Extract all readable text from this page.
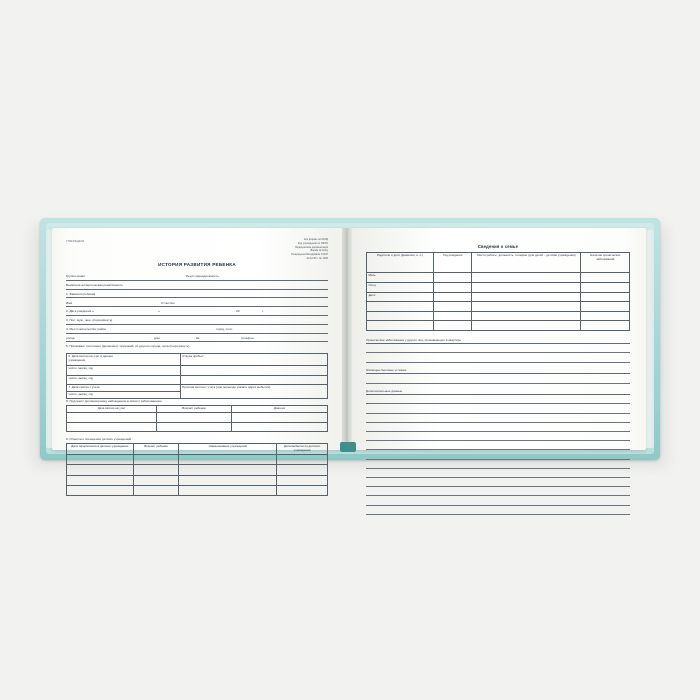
УТВЕРЖДЕНА
Код формы по ОКУД
Код учреждения по ОКПО
Медицинская документация
Форма № 112/у
Утверждена Минздравом СССР
04.10.80 г. № 1030
ИСТОРИЯ РАЗВИТИЯ РЕБЕНКА
Группа крови	Резус-принадлежность
Выявлена аллергическая реактивность
1. Фамилия ребенка
Имя	Отчество
2. Дата рождения «	»	20	г.
3. Пол: муж., жен. (подчеркнуть)
4. Место жительства: район	город, село
улица	дом	кв.	телефон
5. Проживает постоянно (временно): приезжий, из другого города, села (подчеркнуть)
6. Дата взятия на учет в данное
учреждение	Откуда прибыл
число, месяц, год	
число, месяц, год	
7. Дата снятия с учета	Причина снятия с учета (при переезде указать адрес выбытия)
число, месяц, год	
8. Подлежит диспансерному наблюдению в связи с заболеванием
Дата взятия на учет	Возраст ребенка	Диагноз

9. Отметка о посещении детских учреждений
Дата оформления в детское учреждение	Возраст ребенка	Наименование учреждения	Дата выбытия из детского учреждения

Сведения о семье
Родители и дети (фамилия, и. о.)	Год рождения	Место работы, должность, телефон (для детей – детские учреждения)	Наличие хронических заболеваний
Мать			
Отец			
Дети:			

Хронические заболевания у других лиц, проживающих в квартире
Жилищно-бытовые условия
Дополнительные данные
